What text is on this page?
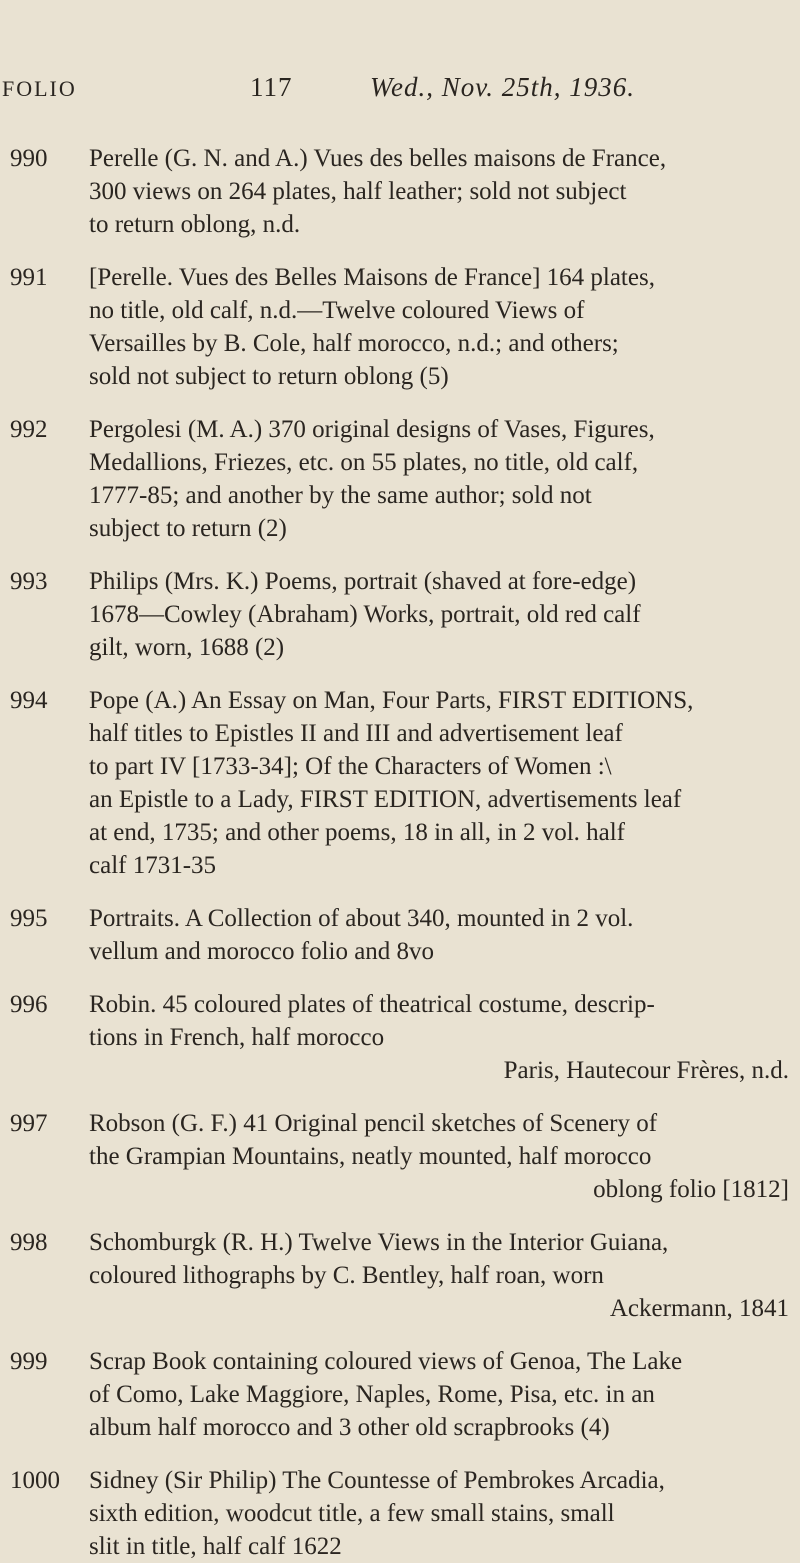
FOLIO	117	Wed., Nov. 25th, 1936.
990 Perelle (G. N. and A.) Vues des belles maisons de France,
300 views on 264 plates, half leather; sold not subject
to return oblong, n.d.
991 [Perelle. Vues des Belles Maisons de France] 164 plates,
no title, old calf, n.d.—Twelve coloured Views of
Versailles by B. Cole, half morocco, n.d.; and others;
sold not subject to return oblong (5)
992 Pergolesi (M. A.) 370 original designs of Vases, Figures,
Medallions, Friezes, etc. on 55 plates, no title, old calf,
1777-85; and another by the same author; sold not
subject to return (2)
993 Philips (Mrs. K.) Poems, portrait (shaved at fore-edge)
1678—Cowley (Abraham) Works, portrait, old red calf
gilt, worn, 1688 (2)
994 Pope (A.) An Essay on Man, Four Parts, FIRST EDITIONS,
half titles to Epistles II and III and advertisement leaf
to part IV [1733-34]; Of the Characters of Women :\
an Epistle to a Lady, FIRST EDITION, advertisements leaf
at end, 1735; and other poems, 18 in all, in 2 vol. half
calf 1731-35
995 Portraits. A Collection of about 340, mounted in 2 vol.
vellum and morocco folio and 8vo
996 Robin. 45 coloured plates of theatrical costume, descrip-
tions in French, half morocco
Paris, Hautecour Frères, n.d.
997 Robson (G. F.) 41 Original pencil sketches of Scenery of
the Grampian Mountains, neatly mounted, half morocco
oblong folio [1812]
998 Schomburgk (R. H.) Twelve Views in the Interior Guiana,
coloured lithographs by C. Bentley, half roan, worn
Ackermann, 1841
999 Scrap Book containing coloured views of Genoa, The Lake
of Como, Lake Maggiore, Naples, Rome, Pisa, etc. in an
album half morocco and 3 other old scrapbrooks (4)
1000 Sidney (Sir Philip) The Countesse of Pembrokes Arcadia,
sixth edition, woodcut title, a few small stains, small
slit in title, half calf 1622
